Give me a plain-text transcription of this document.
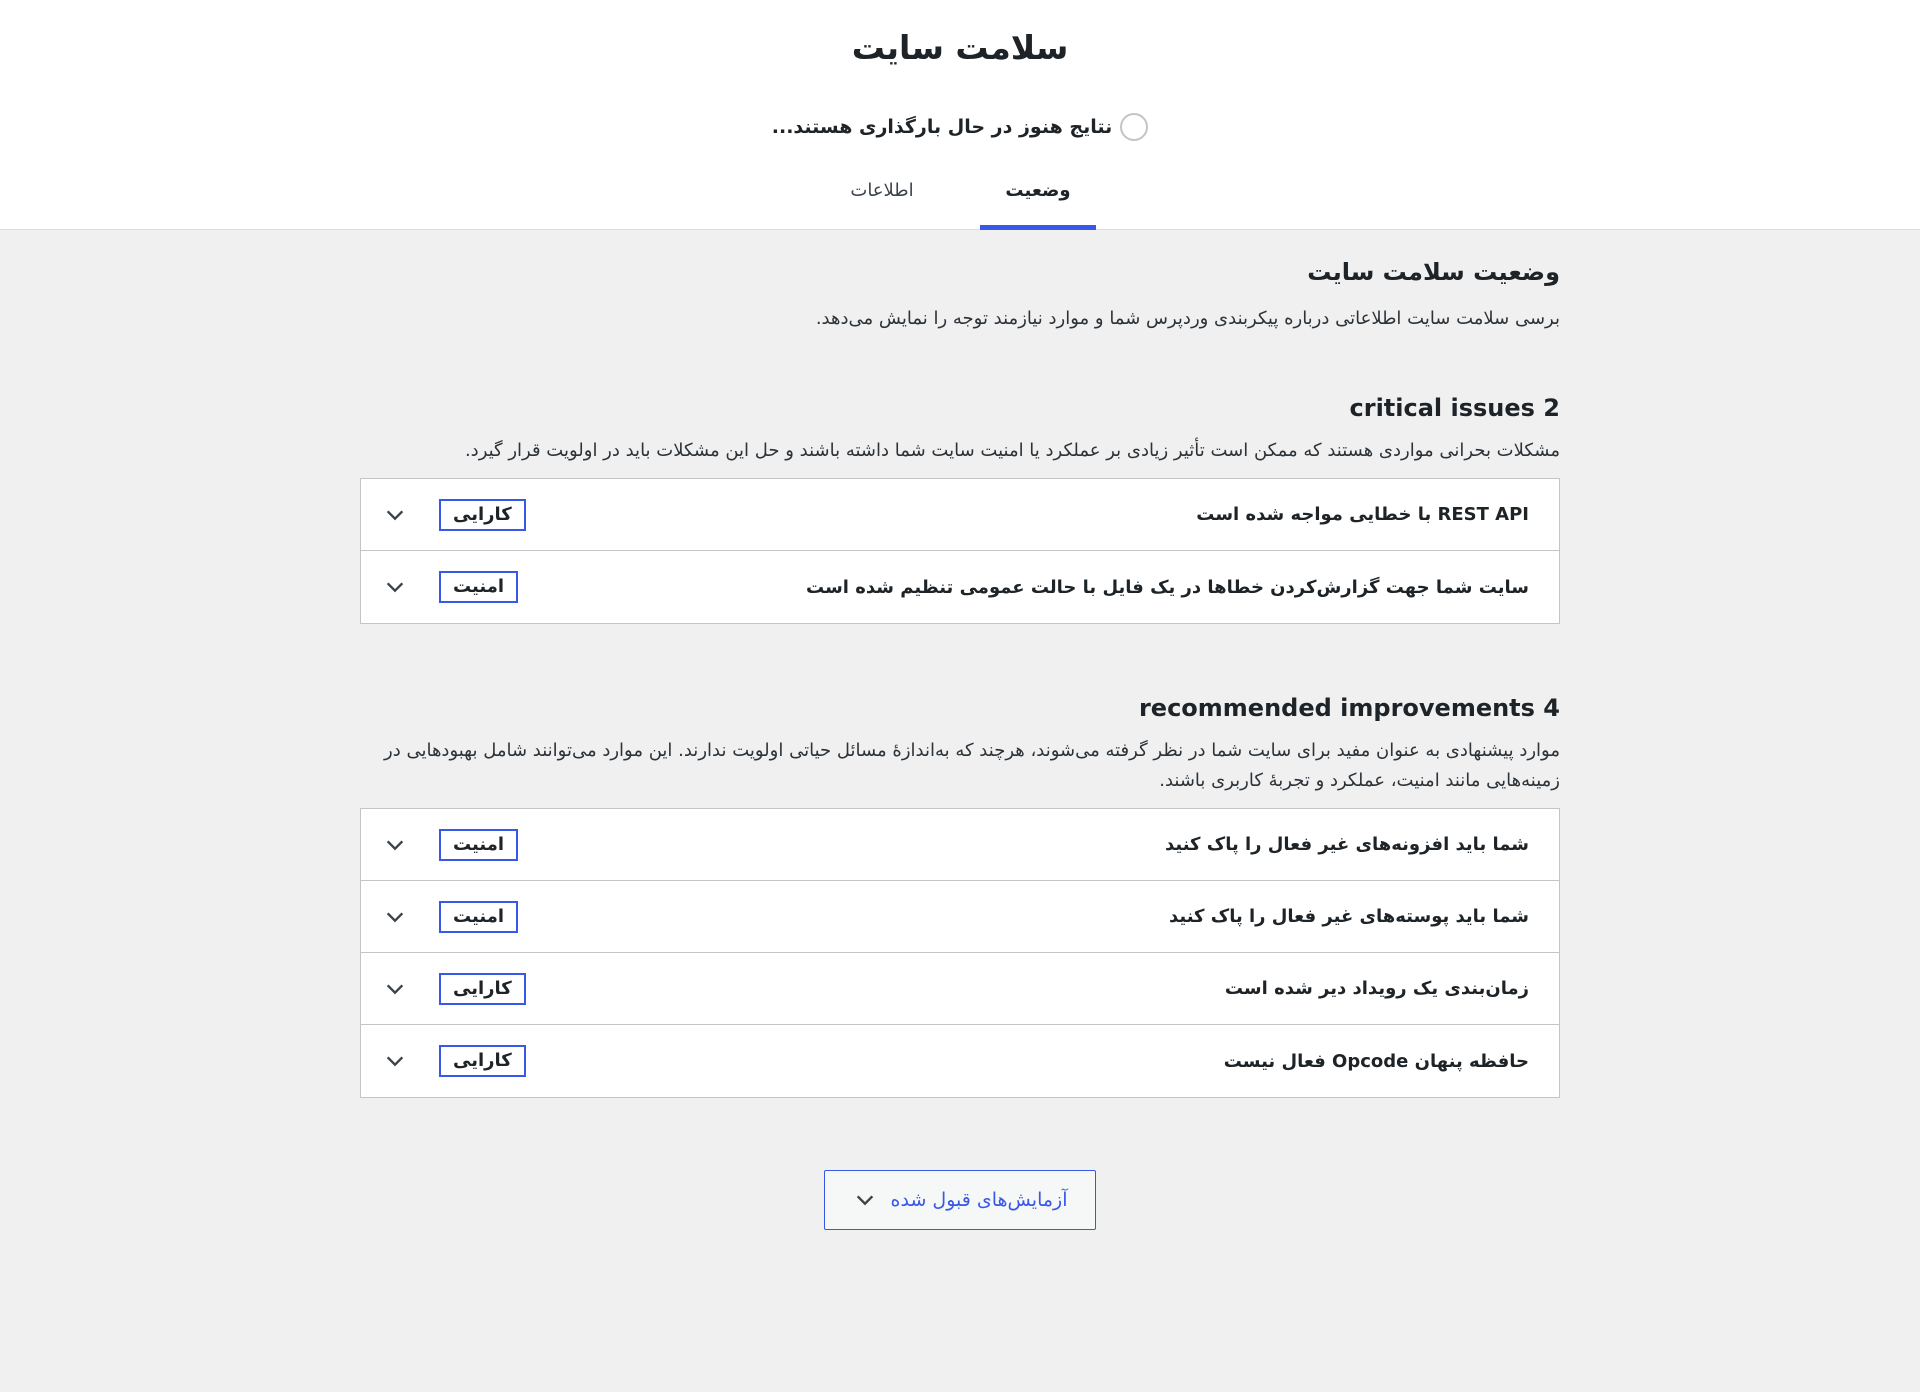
سلامت سایت
نتایج هنوز در حال بارگذاری هستند...
وضعیت
اطلاعات
وضعیت سلامت سایت

برسی سلامت سایت اطلاعاتی درباره پیکربندی وردپرس شما و موارد نیازمند توجه را نمایش می‌دهد.

critical issues 2

مشکلات بحرانی مواردی هستند که ممکن است تأثیر زیادی بر عملکرد یا امنیت سایت شما داشته باشند و حل این مشکلات باید در اولویت قرار گیرد.

REST API با خطایی مواجه شده است
کارایی
سایت شما جهت گزارش‌کردن خطاها در یک فایل با حالت عمومی تنظیم شده است
امنیت
recommended improvements 4

موارد پیشنهادی به عنوان مفید برای سایت شما در نظر گرفته می‌شوند، هرچند که به‌اندازهٔ مسائل حیاتی اولویت ندارند. این موارد می‌توانند شامل بهبودهایی در زمینه‌هایی مانند امنیت، عملکرد و تجربهٔ کاربری باشند.

شما باید افزونه‌های غیر فعال را پاک کنید
امنیت
شما باید پوسته‌های غیر فعال را پاک کنید
امنیت
زمان‌بندی یک رویداد دیر شده است
کارایی
حافظه پنهان Opcode فعال نیست
کارایی
آزمایش‌های قبول شده
